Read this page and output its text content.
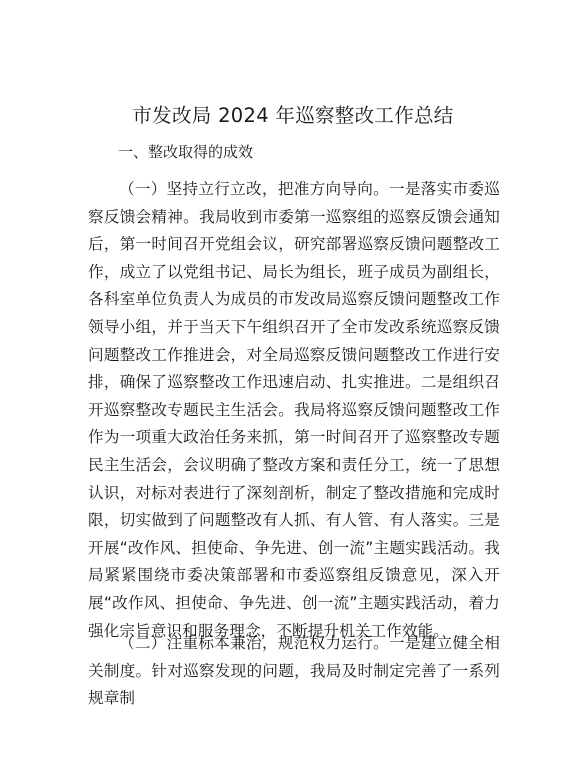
市发改局 2024 年巡察整改工作总结
一、整改取得的成效

（一）坚持立行立改，把准方向导向。一是落实市委巡察反馈会精神。我局收到市委第一巡察组的巡察反馈会通知后，第一时间召开党组会议，研究部署巡察反馈问题整改工作，成立了以党组书记、局长为组长，班子成员为副组长，各科室单位负责人为成员的市发改局巡察反馈问题整改工作领导小组，并于当天下午组织召开了全市发改系统巡察反馈问题整改工作推进会，对全局巡察反馈问题整改工作进行安排，确保了巡察整改工作迅速启动、扎实推进。二是组织召开巡察整改专题民主生活会。我局将巡察反馈问题整改工作作为一项重大政治任务来抓，第一时间召开了巡察整改专题民主生活会，会议明确了整改方案和责任分工，统一了思想认识，对标对表进行了深刻剖析，制定了整改措施和完成时限，切实做到了问题整改有人抓、有人管、有人落实。三是开展“改作风、担使命、争先进、创一流”主题实践活动。我局紧紧围绕市委决策部署和市委巡察组反馈意见，深入开展“改作风、担使命、争先进、创一流”主题实践活动，着力强化宗旨意识和服务理念，不断提升机关工作效能。

（二）注重标本兼治，规范权力运行。一是建立健全相关制度。针对巡察发现的问题，我局及时制定完善了一系列规章制
